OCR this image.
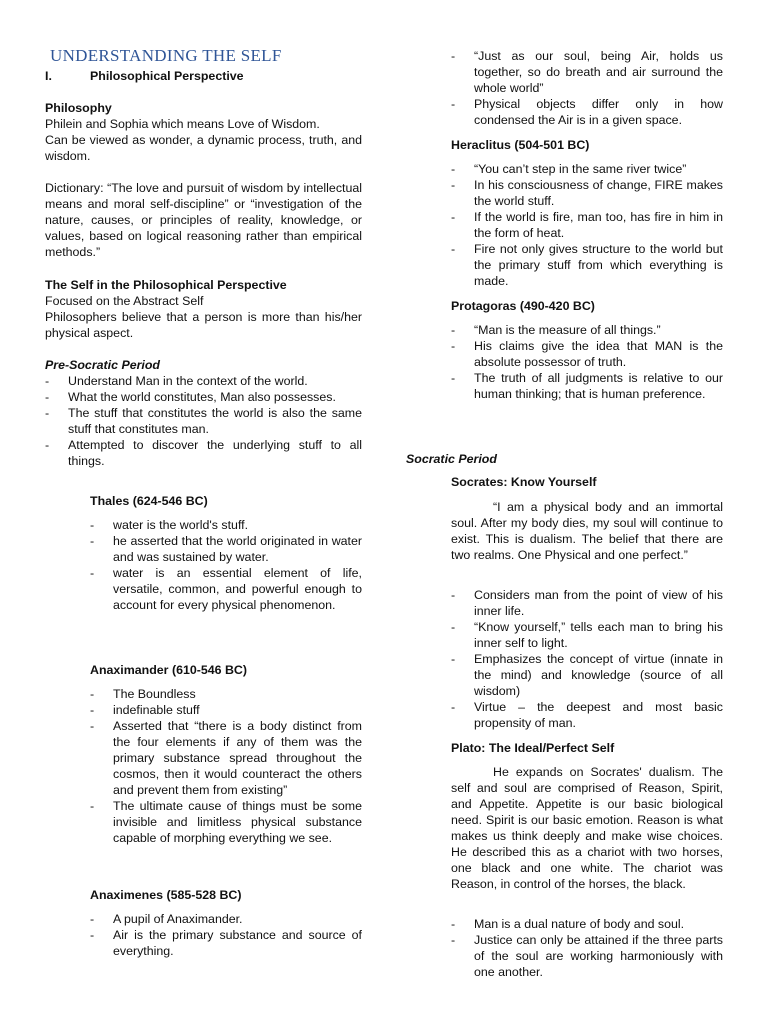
UNDERSTANDING THE SELF
I.	Philosophical Perspective
Philosophy
Philein and Sophia which means Love of Wisdom.
Can be viewed as wonder, a dynamic process, truth, and wisdom.
Dictionary: “The love and pursuit of wisdom by intellectual means and moral self-discipline” or “investigation of the nature, causes, or principles of reality, knowledge, or values, based on logical reasoning rather than empirical methods.”
The Self in the Philosophical Perspective
Focused on the Abstract Self
Philosophers believe that a person is more than his/her physical aspect.
Pre-Socratic Period
- Understand Man in the context of the world.
- What the world constitutes, Man also possesses.
- The stuff that constitutes the world is also the same stuff that constitutes man.
- Attempted to discover the underlying stuff to all things.
Thales (624-546 BC)
- water is the world's stuff.
- he asserted that the world originated in water and was sustained by water.
- water is an essential element of life, versatile, common, and powerful enough to account for every physical phenomenon.
Anaximander (610-546 BC)
- The Boundless
- indefinable stuff
- Asserted that “there is a body distinct from the four elements if any of them was the primary substance spread throughout the cosmos, then it would counteract the others and prevent them from existing”
- The ultimate cause of things must be some invisible and limitless physical substance capable of morphing everything we see.
Anaximenes (585-528 BC)
- A pupil of Anaximander.
- Air is the primary substance and source of everything.
- “Just as our soul, being Air, holds us together, so do breath and air surround the whole world”
- Physical objects differ only in how condensed the Air is in a given space.
Heraclitus (504-501 BC)
- “You can’t step in the same river twice”
- In his consciousness of change, FIRE makes the world stuff.
- If the world is fire, man too, has fire in him in the form of heat.
- Fire not only gives structure to the world but the primary stuff from which everything is made.
Protagoras (490-420 BC)
- “Man is the measure of all things.”
- His claims give the idea that MAN is the absolute possessor of truth.
- The truth of all judgments is relative to our human thinking; that is human preference.
Socratic Period
Socrates: Know Yourself
“I am a physical body and an immortal soul. After my body dies, my soul will continue to exist. This is dualism. The belief that there are two realms. One Physical and one perfect.”
- Considers man from the point of view of his inner life.
- “Know yourself,” tells each man to bring his inner self to light.
- Emphasizes the concept of virtue (innate in the mind) and knowledge (source of all wisdom)
- Virtue – the deepest and most basic propensity of man.
Plato: The Ideal/Perfect Self
He expands on Socrates' dualism. The self and soul are comprised of Reason, Spirit, and Appetite. Appetite is our basic biological need. Spirit is our basic emotion. Reason is what makes us think deeply and make wise choices. He described this as a chariot with two horses, one black and one white. The chariot was Reason, in control of the horses, the black.
- Man is a dual nature of body and soul.
- Justice can only be attained if the three parts of the soul are working harmoniously with one another.
